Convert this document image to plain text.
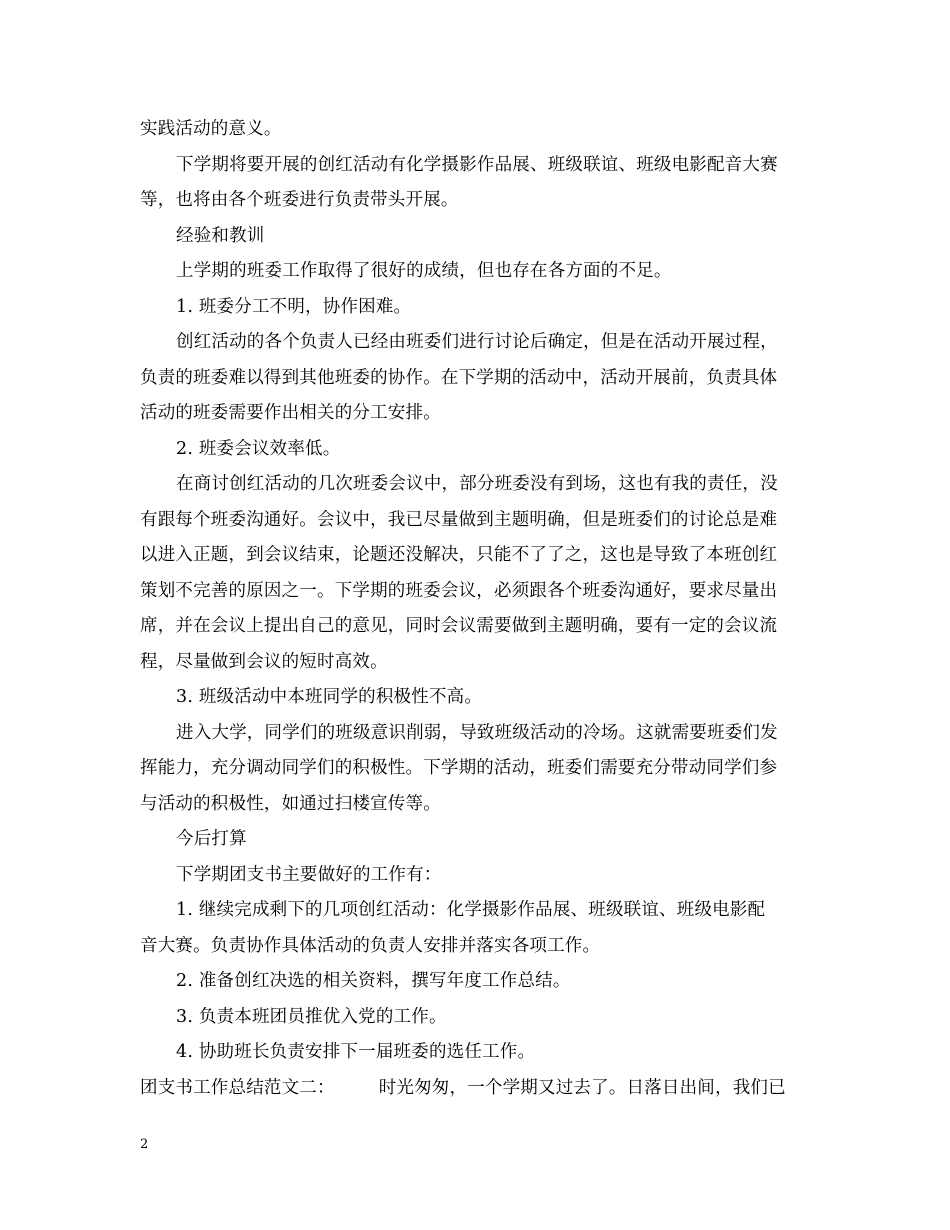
实践活动的意义。
下学期将要开展的创红活动有化学摄影作品展、班级联谊、班级电影配音大赛
等，也将由各个班委进行负责带头开展。
经验和教训
上学期的班委工作取得了很好的成绩，但也存在各方面的不足。
1. 班委分工不明，协作困难。
创红活动的各个负责人已经由班委们进行讨论后确定，但是在活动开展过程，
负责的班委难以得到其他班委的协作。在下学期的活动中，活动开展前，负责具体
活动的班委需要作出相关的分工安排。
2. 班委会议效率低。
在商讨创红活动的几次班委会议中，部分班委没有到场，这也有我的责任，没
有跟每个班委沟通好。会议中，我已尽量做到主题明确，但是班委们的讨论总是难
以进入正题，到会议结束，论题还没解决，只能不了了之，这也是导致了本班创红
策划不完善的原因之一。下学期的班委会议，必须跟各个班委沟通好，要求尽量出
席，并在会议上提出自己的意见，同时会议需要做到主题明确，要有一定的会议流
程，尽量做到会议的短时高效。
3. 班级活动中本班同学的积极性不高。
进入大学，同学们的班级意识削弱，导致班级活动的冷场。这就需要班委们发
挥能力，充分调动同学们的积极性。下学期的活动，班委们需要充分带动同学们参
与活动的积极性，如通过扫楼宣传等。
今后打算
下学期团支书主要做好的工作有：
1. 继续完成剩下的几项创红活动：化学摄影作品展、班级联谊、班级电影配
音大赛。负责协作具体活动的负责人安排并落实各项工作。
2. 准备创红决选的相关资料，撰写年度工作总结。
3. 负责本班团员推优入党的工作。
4. 协助班长负责安排下一届班委的选任工作。
团支书工作总结范文二：	时光匆匆，一个学期又过去了。日落日出间，我们已
2
